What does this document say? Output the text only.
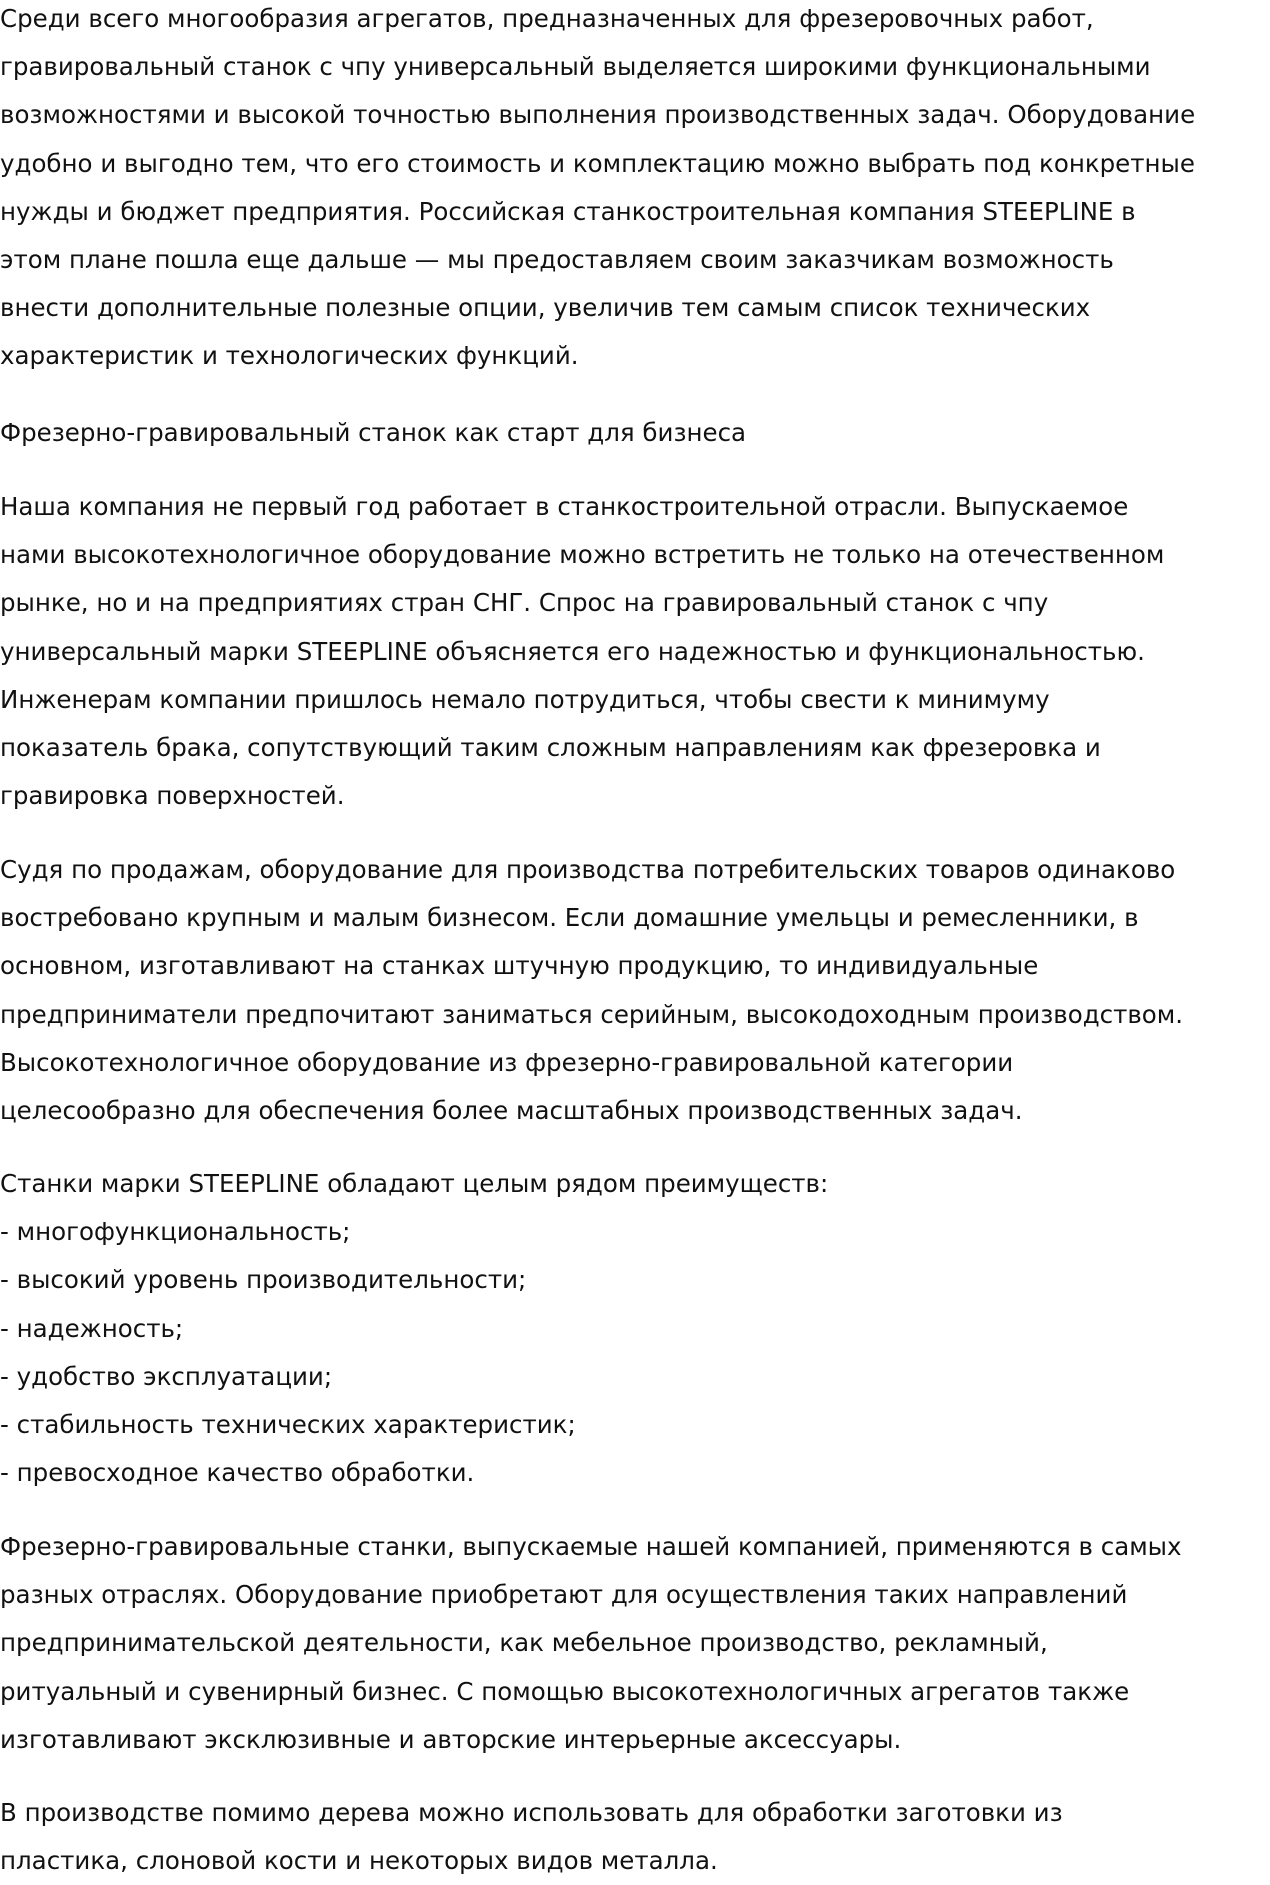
Среди всего многообразия агрегатов, предназначенных для фрезеровочных работ,
гравировальный станок с чпу универсальный выделяется широкими функциональными
возможностями и высокой точностью выполнения производственных задач. Оборудование
удобно и выгодно тем, что его стоимость и комплектацию можно выбрать под конкретные
нужды и бюджет предприятия. Российская станкостроительная компания STEEPLINE в
этом плане пошла еще дальше — мы предоставляем своим заказчикам возможность
внести дополнительные полезные опции, увеличив тем самым список технических
характеристик и технологических функций.

Фрезерно-гравировальный станок как старт для бизнеса

Наша компания не первый год работает в станкостроительной отрасли. Выпускаемое
нами высокотехнологичное оборудование можно встретить не только на отечественном
рынке, но и на предприятиях стран СНГ. Спрос на гравировальный станок с чпу
универсальный марки STEEPLINE объясняется его надежностью и функциональностью.
Инженерам компании пришлось немало потрудиться, чтобы свести к минимуму
показатель брака, сопутствующий таким сложным направлениям как фрезеровка и
гравировка поверхностей.

Судя по продажам, оборудование для производства потребительских товаров одинаково
востребовано крупным и малым бизнесом. Если домашние умельцы и ремесленники, в
основном, изготавливают на станках штучную продукцию, то индивидуальные
предприниматели предпочитают заниматься серийным, высокодоходным производством.
Высокотехнологичное оборудование из фрезерно-гравировальной категории
целесообразно для обеспечения более масштабных производственных задач.

Станки марки STEEPLINE обладают целым рядом преимуществ:
- многофункциональность;
- высокий уровень производительности;
- надежность;
- удобство эксплуатации;
- стабильность технических характеристик;
- превосходное качество обработки.

Фрезерно-гравировальные станки, выпускаемые нашей компанией, применяются в самых
разных отраслях. Оборудование приобретают для осуществления таких направлений
предпринимательской деятельности, как мебельное производство, рекламный,
ритуальный и сувенирный бизнес. С помощью высокотехнологичных агрегатов также
изготавливают эксклюзивные и авторские интерьерные аксессуары.

В производстве помимо дерева можно использовать для обработки заготовки из
пластика, слоновой кости и некоторых видов металла.
